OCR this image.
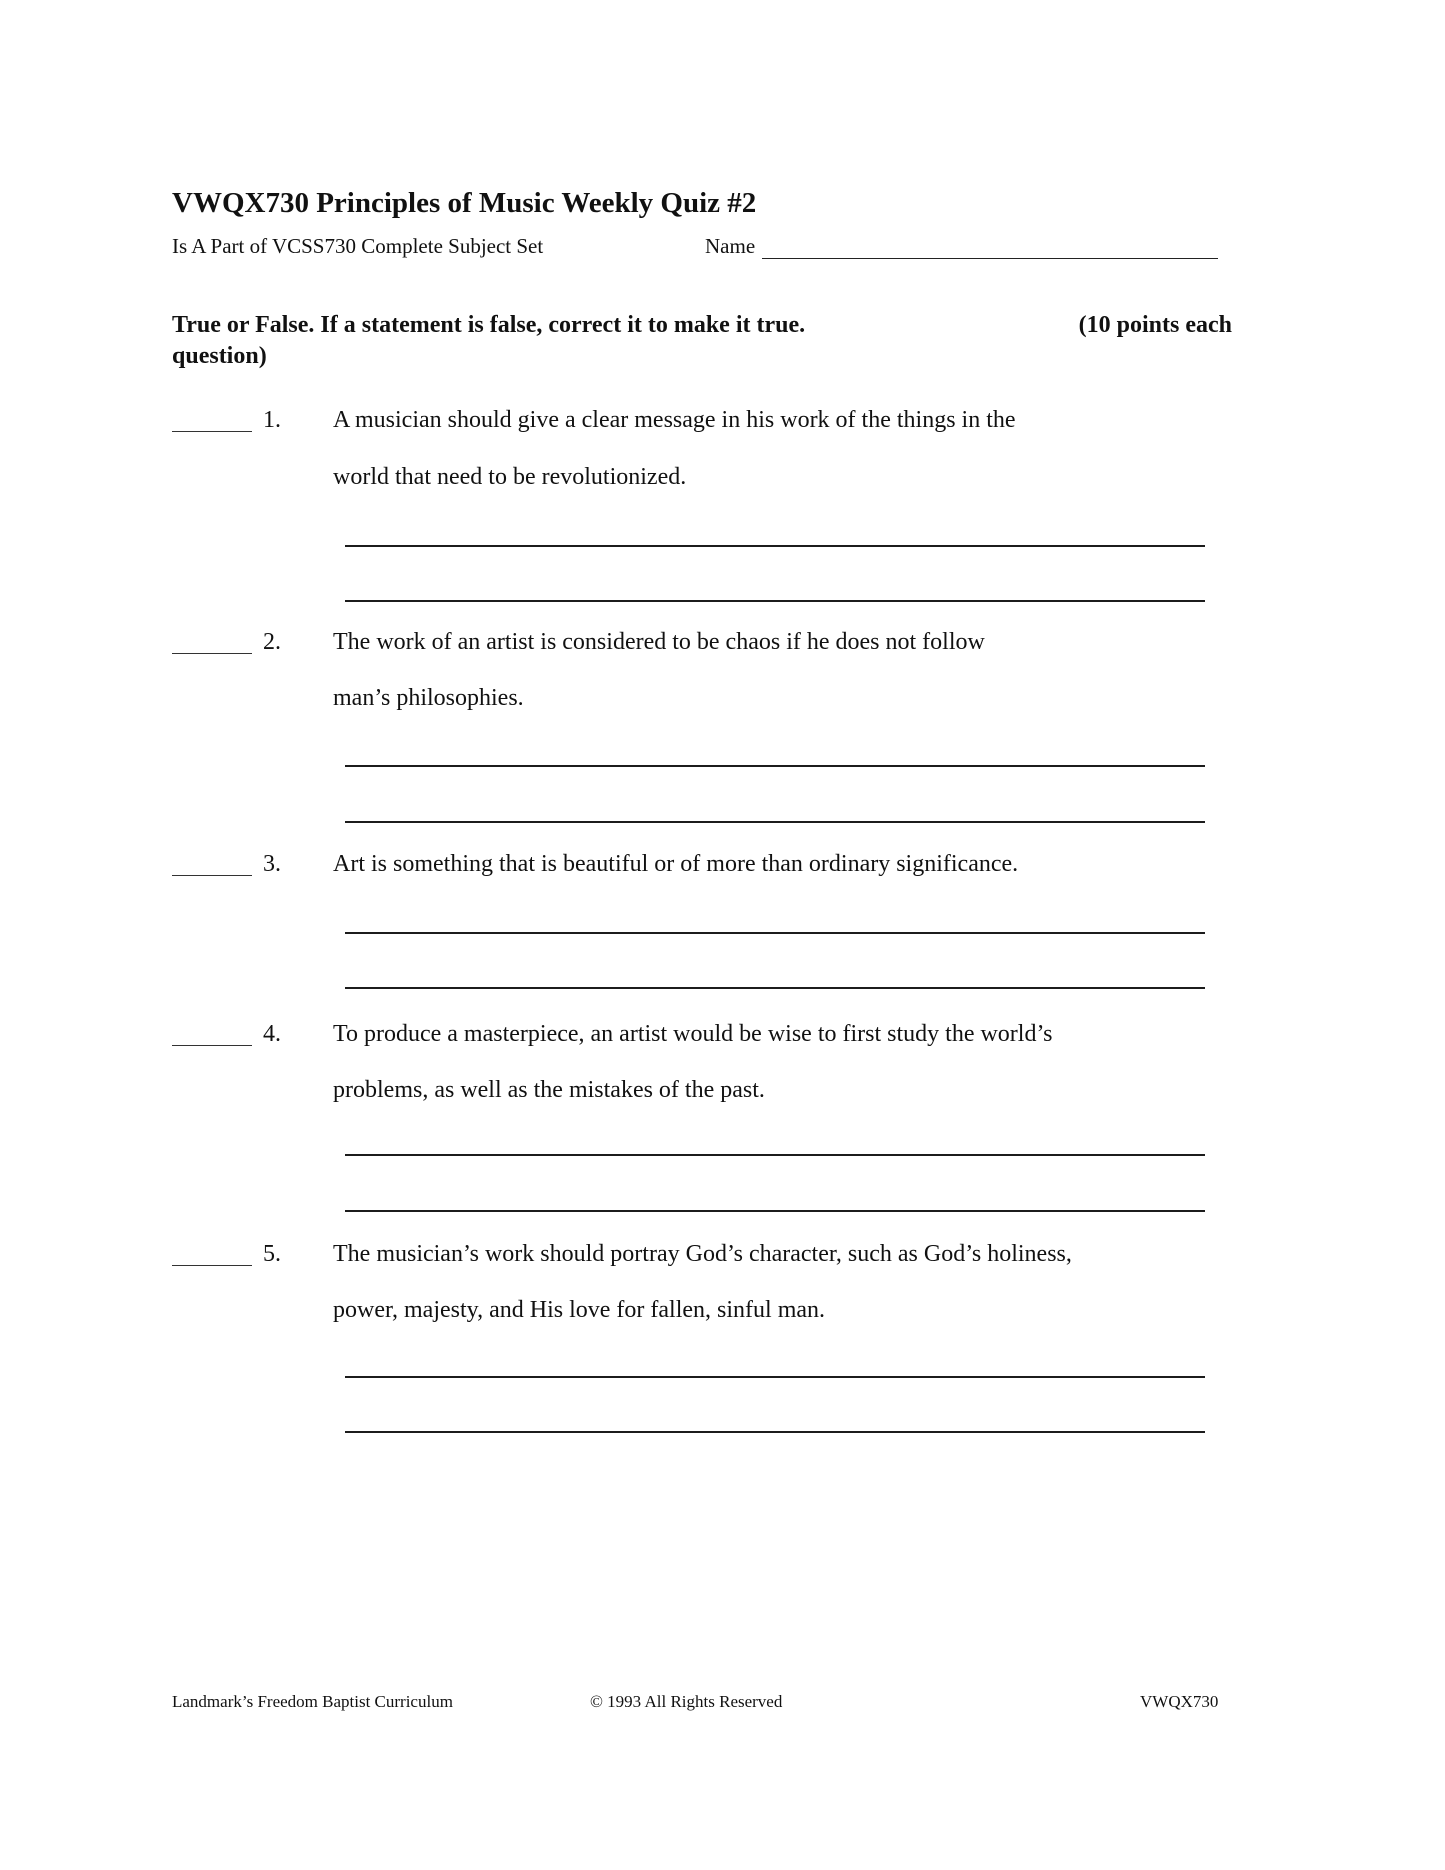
VWQX730 Principles of Music Weekly Quiz #2
Is A Part of VCSS730 Complete Subject Set	Name
True or False. If a statement is false, correct it to make it true.	(10 points each

question)
1. A musician should give a clear message in his work of the things in the
world that need to be revolutionized.
2. The work of an artist is considered to be chaos if he does not follow
man’s philosophies.
3. Art is something that is beautiful or of more than ordinary significance.
4. To produce a masterpiece, an artist would be wise to first study the world’s
problems, as well as the mistakes of the past.
5. The musician’s work should portray God’s character, such as God’s holiness,
power, majesty, and His love for fallen, sinful man.
Landmark’s Freedom Baptist Curriculum	© 1993 All Rights Reserved	VWQX730
